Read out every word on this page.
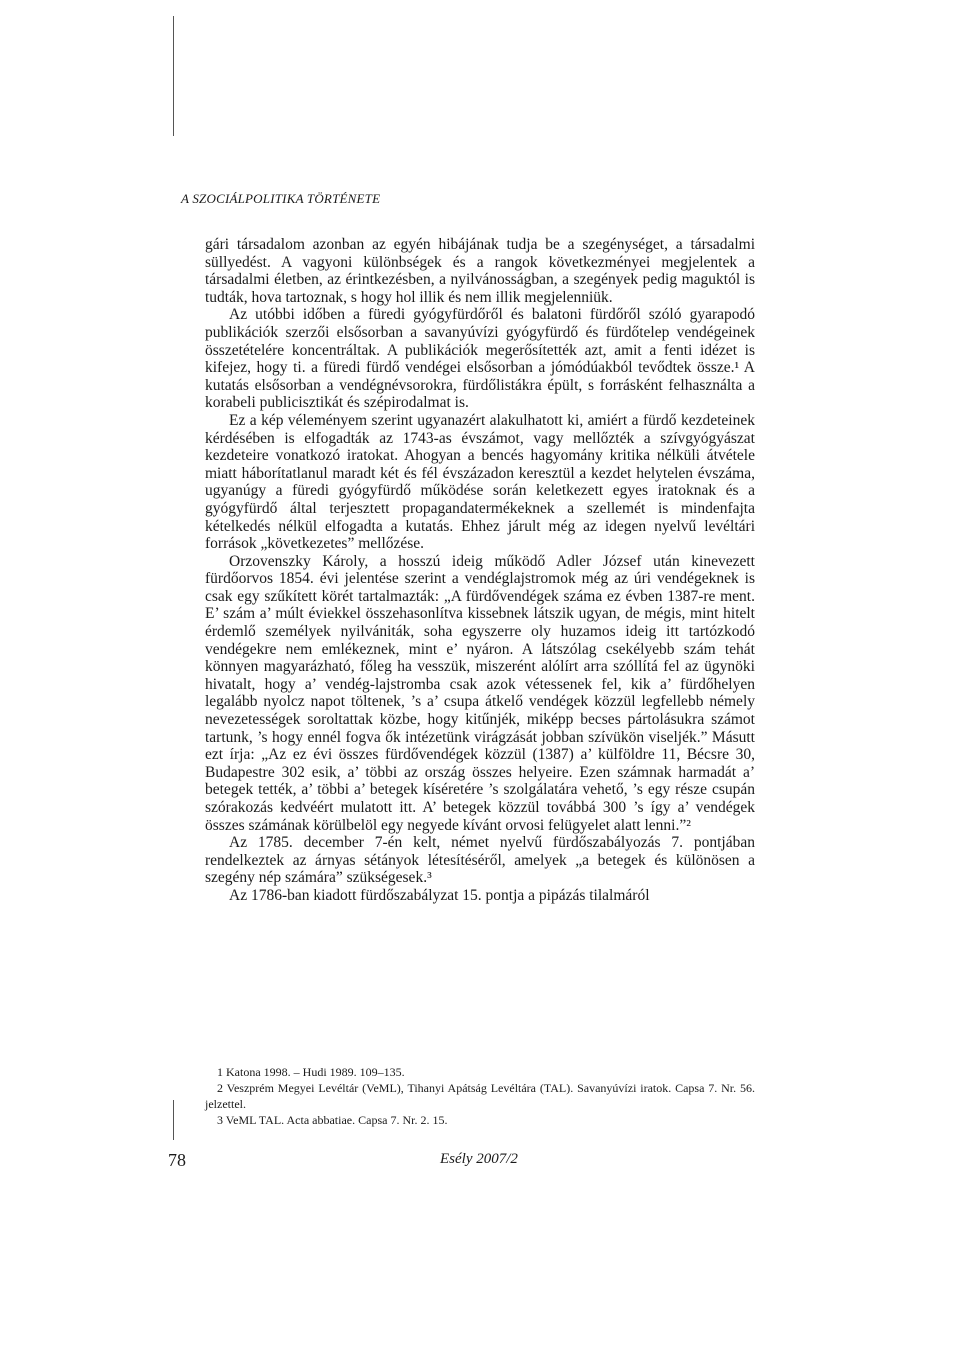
A SZOCIÁLPOLITIKA TÖRTÉNETE

gári társadalom azonban az egyén hibájának tudja be a szegénységet, a társadalmi süllyedést. A vagyoni különbségek és a rangok következményei megjelentek a társadalmi életben, az érintkezésben, a nyilvánosságban, a szegények pedig maguktól is tudták, hova tartoznak, s hogy hol illik és nem illik megjelenniük.

Az utóbbi időben a füredi gyógyfürdőről és balatoni fürdőről szóló gyarapodó publikációk szerzői elsősorban a savanyúvízi gyógyfürdő és fürdőtelep vendégeinek összetételére koncentráltak. A publikációk megerősítették azt, amit a fenti idézet is kifejez, hogy ti. a füredi fürdő vendégei elsősorban a jómódúakból tevődtek össze.¹ A kutatás elsősorban a vendégnévsorokra, fürdőlistákra épült, s forrásként felhasználta a korabeli publicisztikát és szépirodalmat is.

Ez a kép véleményem szerint ugyanazért alakulhatott ki, amiért a fürdő kezdeteinek kérdésében is elfogadták az 1743-as évszámot, vagy mellőzték a szívgyógyászat kezdeteire vonatkozó iratokat. Ahogyan a bencés hagyomány kritika nélküli átvétele miatt háborítatlanul maradt két és fél évszázadon keresztül a kezdet helytelen évszáma, ugyanúgy a füredi gyógyfürdő működése során keletkezett egyes iratoknak és a gyógyfürdő által terjesztett propagandatermékeknek a szellemét is mindenfajta kételkedés nélkül elfogadta a kutatás. Ehhez járult még az idegen nyelvű levéltári források „következetes” mellőzése.

Orzovenszky Károly, a hosszú ideig működő Adler József után kinevezett fürdőorvos 1854. évi jelentése szerint a vendéglajstromok még az úri vendégeknek is csak egy szűkített körét tartalmazták: „A fürdővendégek száma ez évben 1387-re ment. E’ szám a’ múlt éviekkel összehasonlítva kissebnek látszik ugyan, de mégis, mint hitelt érdemlő személyek nyilvániták, soha egyszerre oly huzamos ideig itt tartózkodó vendégekre nem emlékeznek, mint e’ nyáron. A látszólag csekélyebb szám tehát könnyen magyarázható, főleg ha vesszük, miszerént alólírt arra szóllítá fel az ügynöki hivatalt, hogy a’ vendég-lajstromba csak azok vétessenek fel, kik a’ fürdőhelyen legalább nyolcz napot töltenek, ’s a’ csupa átkelő vendégek közzül legfellebb némely nevezetességek soroltattak közbe, hogy kitűnjék, miképp becses pártolásukra számot tartunk, ’s hogy ennél fogva ők intézetünk virágzását jobban szívükön viseljék.” Másutt ezt írja: „Az ez évi összes fürdővendégek közzül (1387) a’ külföldre 11, Bécsre 30, Budapestre 302 esik, a’ többi az ország összes helyeire. Ezen számnak harmadát a’ betegek tették, a’ többi a’ betegek kíséretére ’s szolgálatára vehető, ’s egy része csupán szórakozás kedvéért mulatott itt. A’ betegek közzül továbbá 300 ’s így a’ vendégek összes számának körülbelöl egy negyede kívánt orvosi felügyelet alatt lenni.”²

Az 1785. december 7-én kelt, német nyelvű fürdőszabályozás 7. pontjában rendelkeztek az árnyas sétányok létesítéséről, amelyek „a betegek és különösen a szegény nép számára” szükségesek.³

Az 1786-ban kiadott fürdőszabályzat 15. pontja a pipázás tilalmáról

1 Katona 1998. – Hudi 1989. 109–135.

2 Veszprém Megyei Levéltár (VeML), Tihanyi Apátság Levéltára (TAL). Savanyúvízi iratok. Capsa 7. Nr. 56. jelzettel.

3 VeML TAL. Acta abbatiae. Capsa 7. Nr. 2. 15.

78	Esély 2007/2
